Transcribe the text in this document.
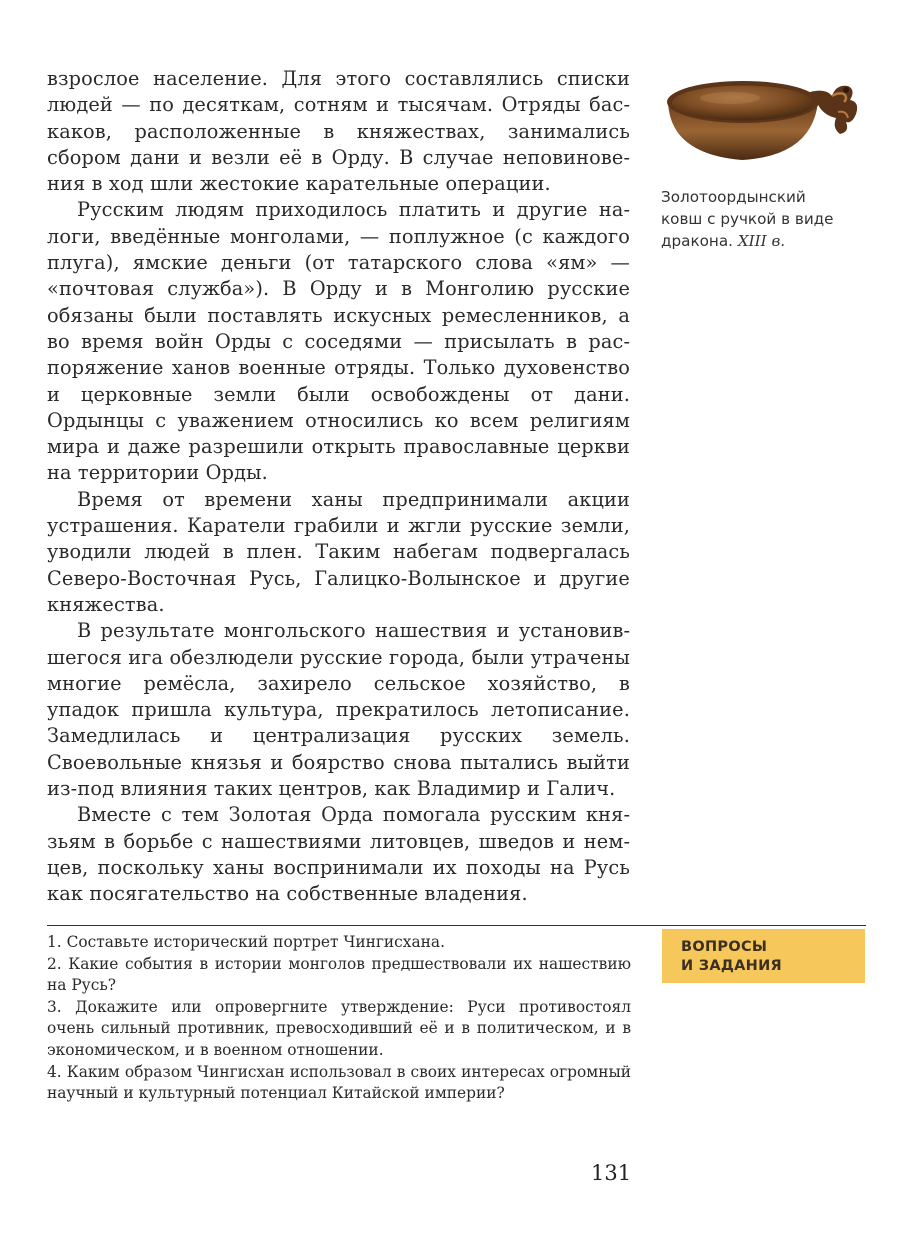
взрослое население. Для этого составлялись списки людей — по десяткам, сотням и тысячам. Отряды баскаков, расположенные в княжествах, занимались сбором дани и везли её в Орду. В случае неповиновения в ход шли жестокие карательные операции.

Русским людям приходилось платить и другие налоги, введённые монголами, — поплужное (с каждого плуга), ямские деньги (от татарского слова «ям» — «почтовая служба»). В Орду и в Монголию русские обязаны были поставлять искусных ремесленников, а во время войн Орды с соседями — присылать в распоряжение ханов военные отряды. Только духовенство и церковные земли были освобождены от дани. Ордынцы с уважением относились ко всем религиям мира и даже разрешили открыть православные церкви на территории Орды.

Время от времени ханы предпринимали акции устрашения. Каратели грабили и жгли русские земли, уводили людей в плен. Таким набегам подвергалась Северо-Восточная Русь, Галицко-Волынское и другие княжества.

В результате монгольского нашествия и установившегося ига обезлюдели русские города, были утрачены многие ремёсла, захирело сельское хозяйство, в упадок пришла культура, прекратилось летописание. Замедлилась и централизация русских земель. Своевольные князья и боярство снова пытались выйти из-под влияния таких центров, как Владимир и Галич.

Вместе с тем Золотая Орда помогала русским князьям в борьбе с нашествиями литовцев, шведов и немцев, поскольку ханы воспринимали их походы на Русь как посягательство на собственные владения.

Золотоордынский
ковш с ручкой в виде
дракона. XIII в.

1. Составьте исторический портрет Чингисхана.

2. Какие события в истории монголов предшествовали их нашествию на Русь?

3. Докажите или опровергните утверждение: Руси противостоял очень сильный противник, превосходивший её и в политическом, и в экономическом, и в военном отношении.

4. Каким образом Чингисхан использовал в своих интересах огромный научный и культурный потенциал Китайской империи?

ВОПРОСЫ
И ЗАДАНИЯ
131
